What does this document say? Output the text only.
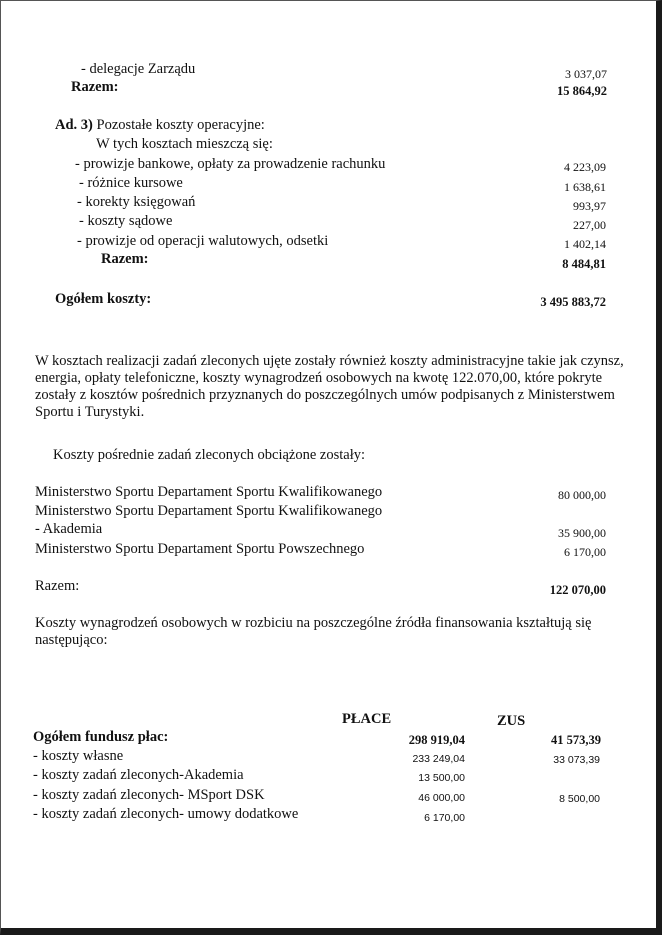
- delegacje Zarządu	3 037,07
Razem:	15 864,92
Ad. 3) Pozostałe koszty operacyjne:
W tych kosztach mieszczą się:
- prowizje bankowe, opłaty za prowadzenie rachunku	4 223,09
- różnice kursowe	1 638,61
- korekty księgowań	993,97
- koszty sądowe	227,00
- prowizje od operacji walutowych, odsetki	1 402,14
Razem:	8 484,81
Ogółem koszty:	3 495 883,72
W kosztach realizacji zadań zleconych ujęte zostały również koszty administracyjne takie jak czynsz, energia, opłaty telefoniczne, koszty wynagrodzeń osobowych na kwotę 122.070,00, które pokryte zostały z kosztów pośrednich przyznanych do poszczególnych umów podpisanych z Ministerstwem Sportu i Turystyki.
Koszty pośrednie zadań zleconych obciążone zostały:
Ministerstwo Sportu Departament Sportu Kwalifikowanego	80 000,00
Ministerstwo Sportu Departament Sportu Kwalifikowanego
- Akademia	35 900,00
Ministerstwo Sportu Departament Sportu Powszechnego	6 170,00
Razem:	122 070,00
Koszty wynagrodzeń osobowych w rozbiciu na poszczególne źródła finansowania kształtują się następująco:
PŁACE	ZUS
Ogółem fundusz płac:	298 919,04	41 573,39
- koszty własne	233 249,04	33 073,39
- koszty zadań zleconych-Akademia	13 500,00
- koszty zadań zleconych- MSport DSK	46 000,00	8 500,00
- koszty zadań zleconych- umowy dodatkowe	6 170,00
